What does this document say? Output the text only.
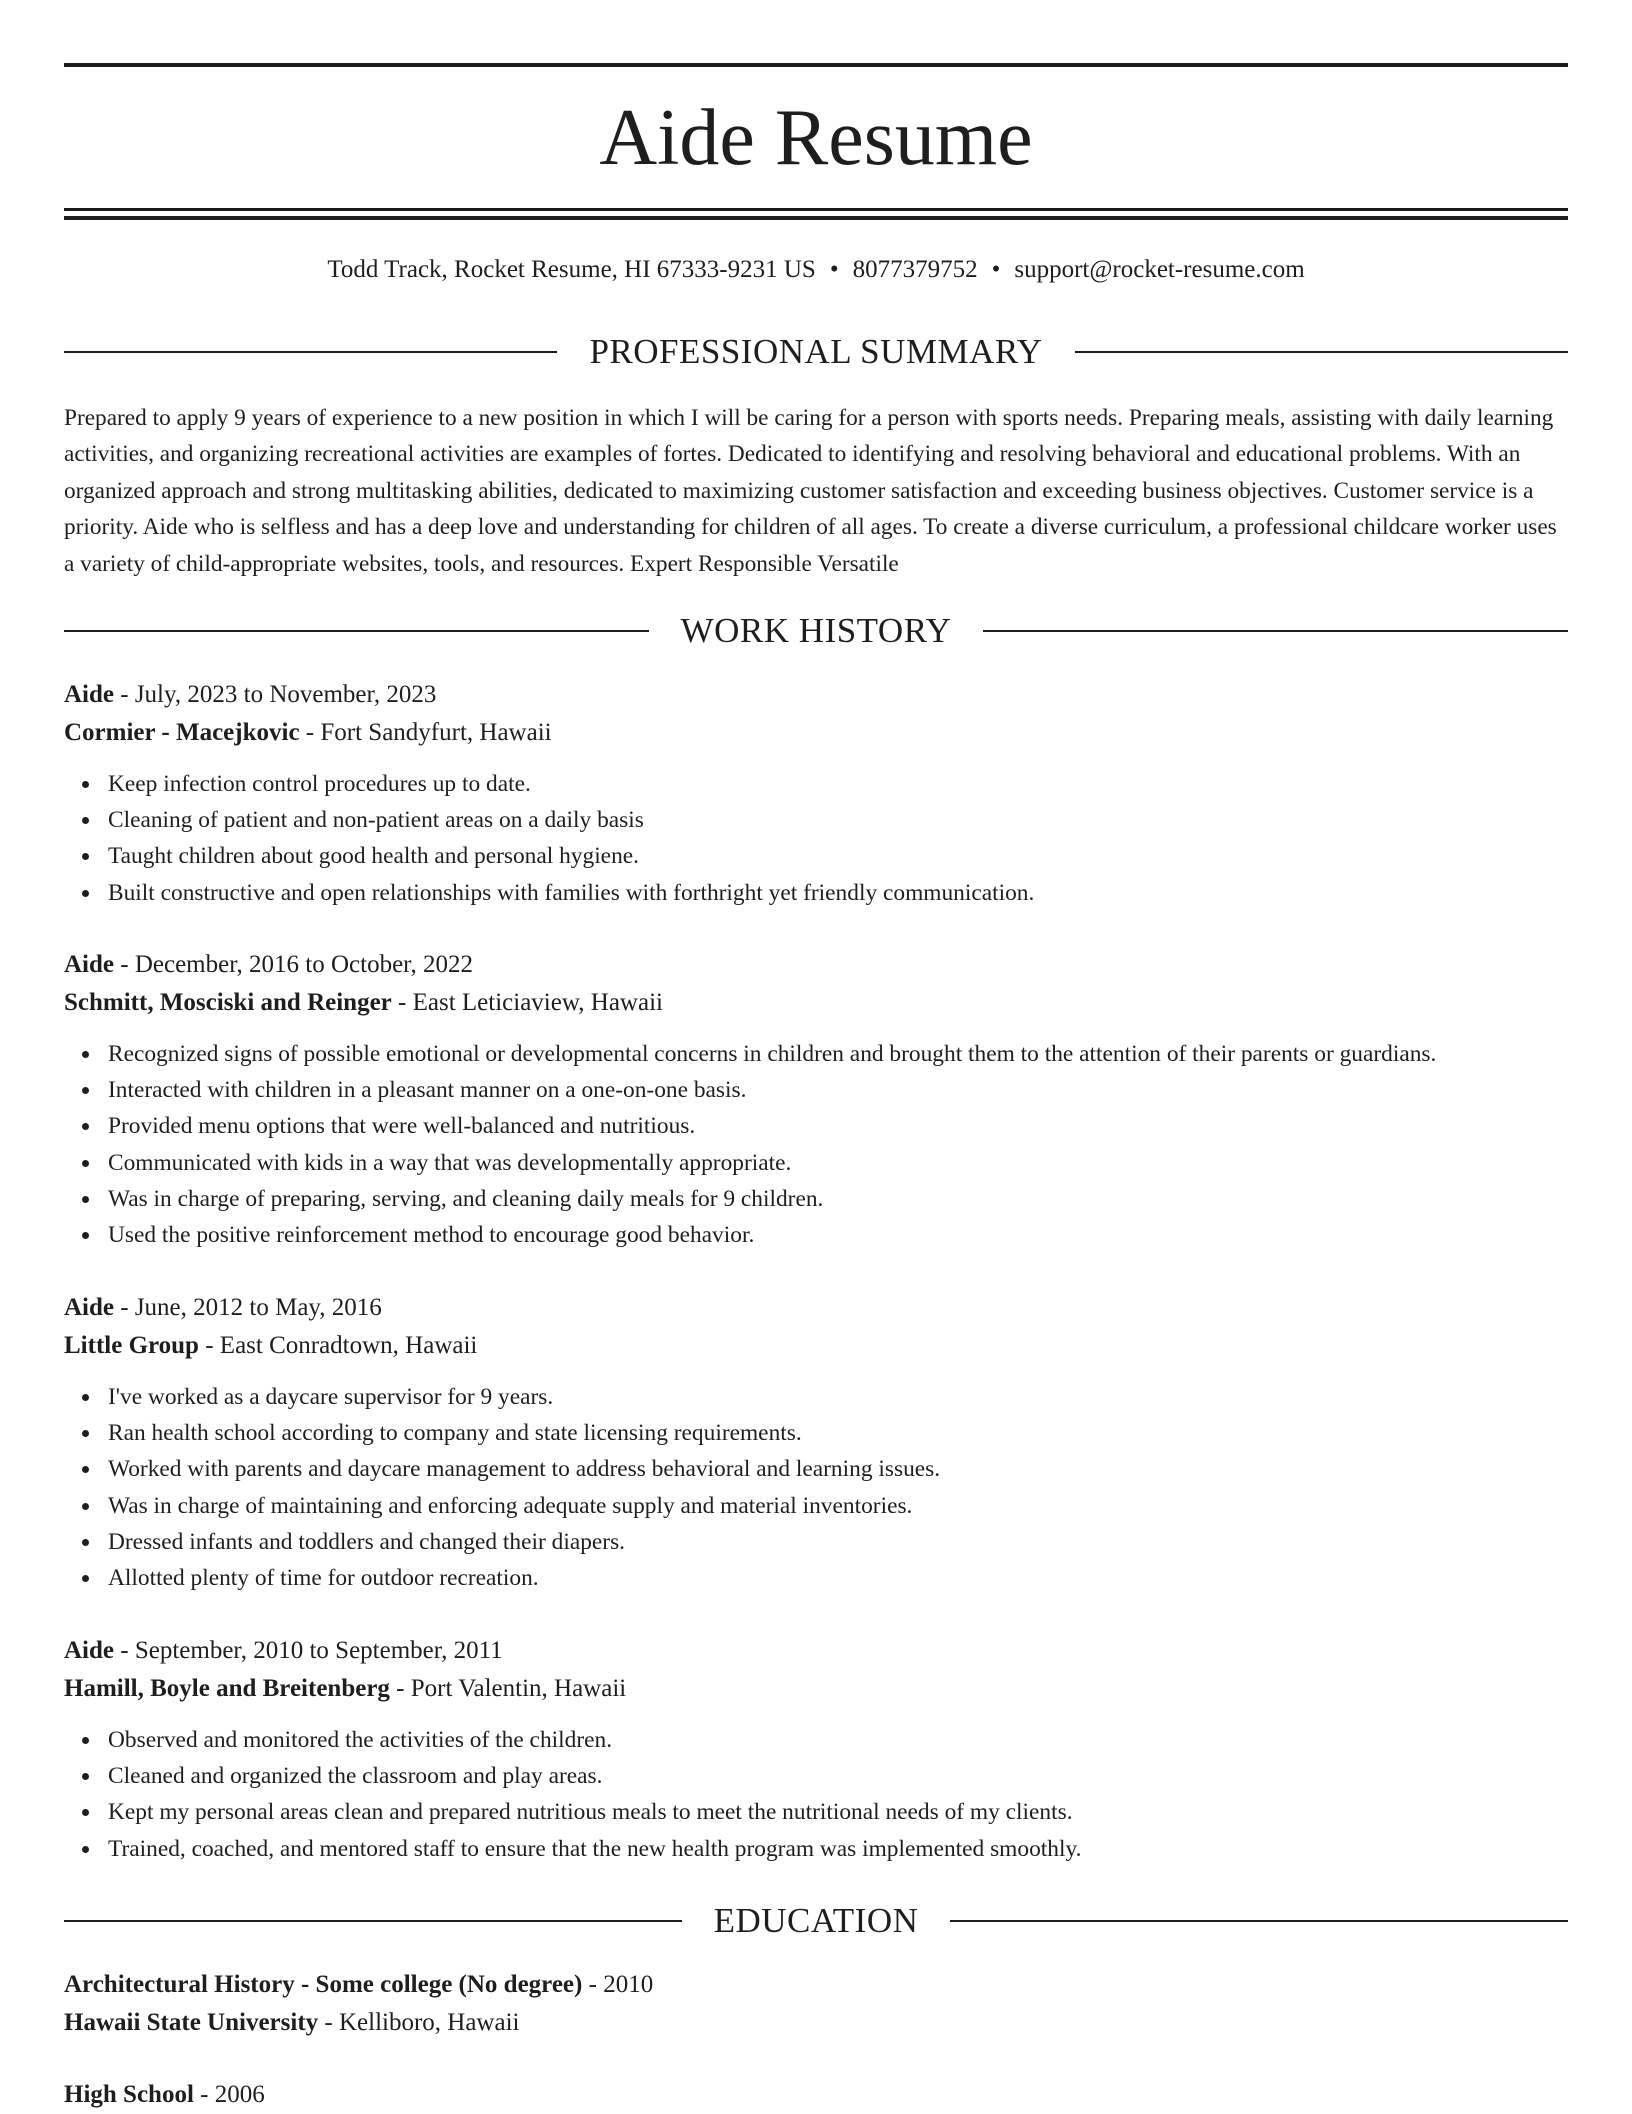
Aide Resume
Todd Track, Rocket Resume, HI 67333-9231 US • 8077379752 • support@rocket-resume.com
PROFESSIONAL SUMMARY

Prepared to apply 9 years of experience to a new position in which I will be caring for a person with sports needs. Preparing meals, assisting with daily learning activities, and organizing recreational activities are examples of fortes. Dedicated to identifying and resolving behavioral and educational problems. With an organized approach and strong multitasking abilities, dedicated to maximizing customer satisfaction and exceeding business objectives. Customer service is a priority. Aide who is selfless and has a deep love and understanding for children of all ages. To create a diverse curriculum, a professional childcare worker uses a variety of child-appropriate websites, tools, and resources. Expert Responsible Versatile

WORK HISTORY
Aide - July, 2023 to November, 2023
Cormier - Macejkovic - Fort Sandyfurt, Hawaii
Keep infection control procedures up to date.
Cleaning of patient and non-patient areas on a daily basis
Taught children about good health and personal hygiene.
Built constructive and open relationships with families with forthright yet friendly communication.
Aide - December, 2016 to October, 2022
Schmitt, Mosciski and Reinger - East Leticiaview, Hawaii
Recognized signs of possible emotional or developmental concerns in children and brought them to the attention of their parents or guardians.
Interacted with children in a pleasant manner on a one-on-one basis.
Provided menu options that were well-balanced and nutritious.
Communicated with kids in a way that was developmentally appropriate.
Was in charge of preparing, serving, and cleaning daily meals for 9 children.
Used the positive reinforcement method to encourage good behavior.
Aide - June, 2012 to May, 2016
Little Group - East Conradtown, Hawaii
I've worked as a daycare supervisor for 9 years.
Ran health school according to company and state licensing requirements.
Worked with parents and daycare management to address behavioral and learning issues.
Was in charge of maintaining and enforcing adequate supply and material inventories.
Dressed infants and toddlers and changed their diapers.
Allotted plenty of time for outdoor recreation.
Aide - September, 2010 to September, 2011
Hamill, Boyle and Breitenberg - Port Valentin, Hawaii
Observed and monitored the activities of the children.
Cleaned and organized the classroom and play areas.
Kept my personal areas clean and prepared nutritious meals to meet the nutritional needs of my clients.
Trained, coached, and mentored staff to ensure that the new health program was implemented smoothly.
EDUCATION
Architectural History - Some college (No degree) - 2010
Hawaii State University - Kelliboro, Hawaii
High School - 2006
